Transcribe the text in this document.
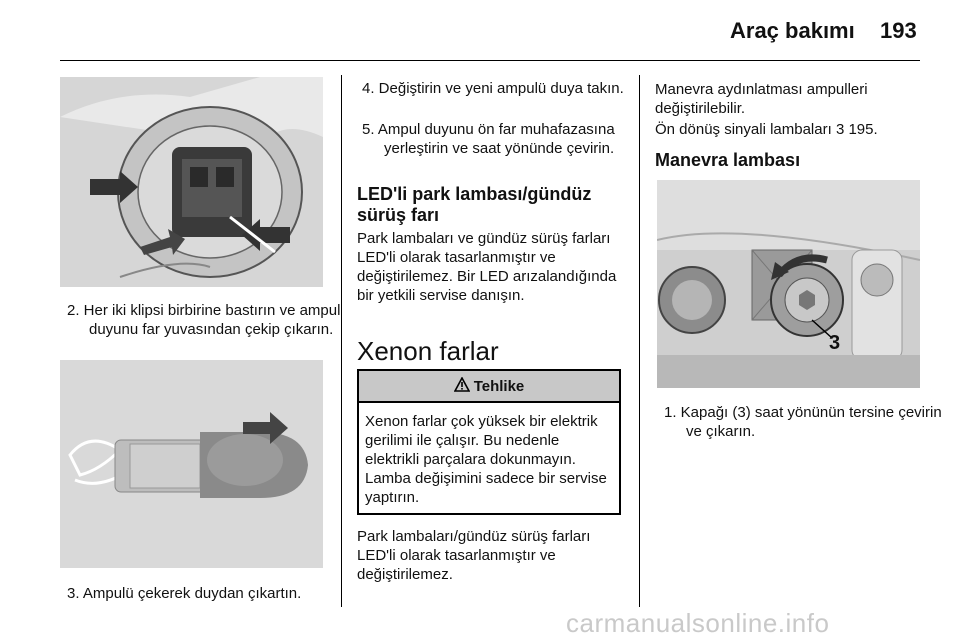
Araç bakımı 193
2. Her iki klipsi birbirine bastırın ve ampul duyunu far yuvasından çekip çıkarın.
3. Ampulü çekerek duydan çıkartın.
4. Değiştirin ve yeni ampulü duya takın.
5. Ampul duyunu ön far muhafazasına yerleştirin ve saat yönünde çevirin.
LED'li park lambası/gündüz sürüş farı
Park lambaları ve gündüz sürüş farları LED'li olarak tasarlanmıştır ve değiştirilemez. Bir LED arızalandığında bir yetkili servise danışın.
Xenon farlar
Tehlike
Xenon farlar çok yüksek bir elektrik gerilimi ile çalışır. Bu nedenle elektrikli parçalara dokunmayın. Lamba değişimini sadece bir servise yaptırın.
Park lambaları/gündüz sürüş farları LED'li olarak tasarlanmıştır ve değiştirilemez.
Manevra aydınlatması ampulleri değiştirilebilir.
Ön dönüş sinyali lambaları 3 195.
Manevra lambası
3
1. Kapağı (3) saat yönünün tersine çevirin ve çıkarın.
carmanualsonline.info
